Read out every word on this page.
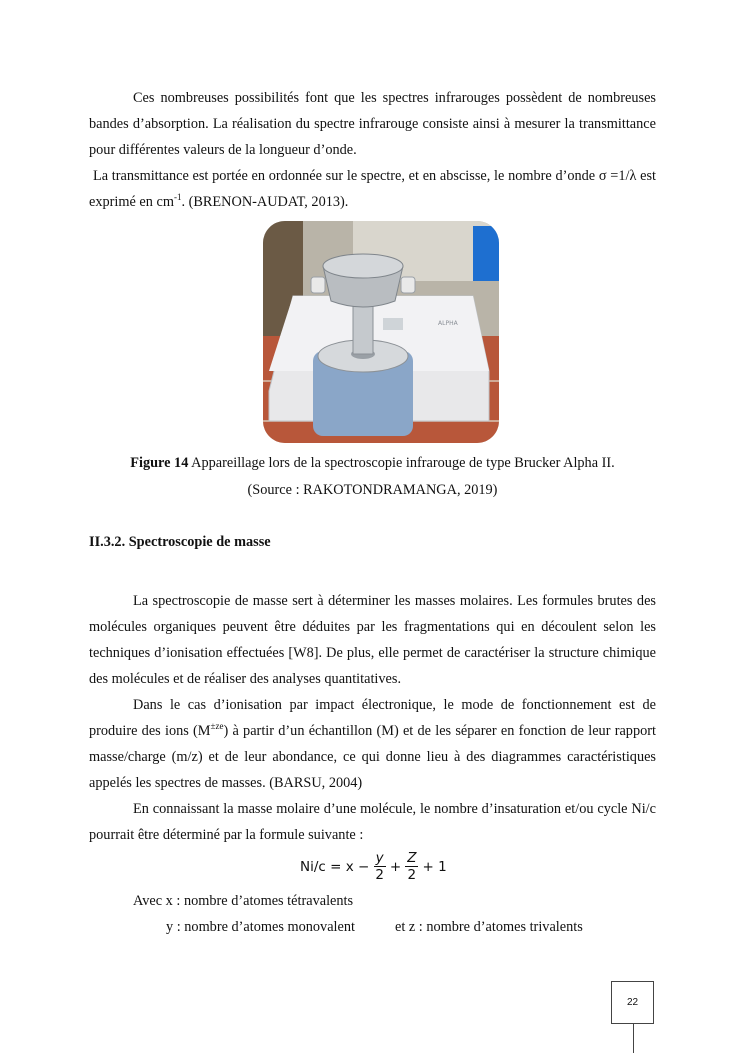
Ces nombreuses possibilités font que les spectres infrarouges possèdent de nombreuses bandes d’absorption. La réalisation du spectre infrarouge consiste ainsi à mesurer la transmittance pour différentes valeurs de la longueur d’onde.

La transmittance est portée en ordonnée sur le spectre, et en abscisse, le nombre d’onde σ =1/λ est exprimé en $cm^{-1}$. (BRENON-AUDAT, 2013).

ALPHA
Figure 14 Appareillage lors de la spectroscopie infrarouge de type Brucker Alpha II.
(Source : RAKOTONDRAMANGA, 2019)
II.3.2. Spectroscopie de masse

La spectroscopie de masse sert à déterminer les masses molaires. Les formules brutes des molécules organiques peuvent être déduites par les fragmentations qui en découlent selon les techniques d’ionisation effectuées [W8]. De plus, elle permet de caractériser la structure chimique des molécules et de réaliser des analyses quantitatives.

Dans le cas d’ionisation par impact électronique, le mode de fonctionnement est de produire des ions $(M^{\pm ze})$ à partir d’un échantillon (M) et de les séparer en fonction de leur rapport masse/charge (m/z) et de leur abondance, ce qui donne lieu à des diagrammes caractéristiques appelés les spectres de masses. (BARSU, 2004)

En connaissant la masse molaire d’une molécule, le nombre d’insaturation et/ou cycle Ni/c pourrait être déterminé par la formule suivante :

$Ni/c = x - \frac{y}{2} + \frac{Z}{2} + 1$
Avec x : nombre d’atomes tétravalents
y : nombre d’atomes monovalent	et z : nombre d’atomes trivalents
22
